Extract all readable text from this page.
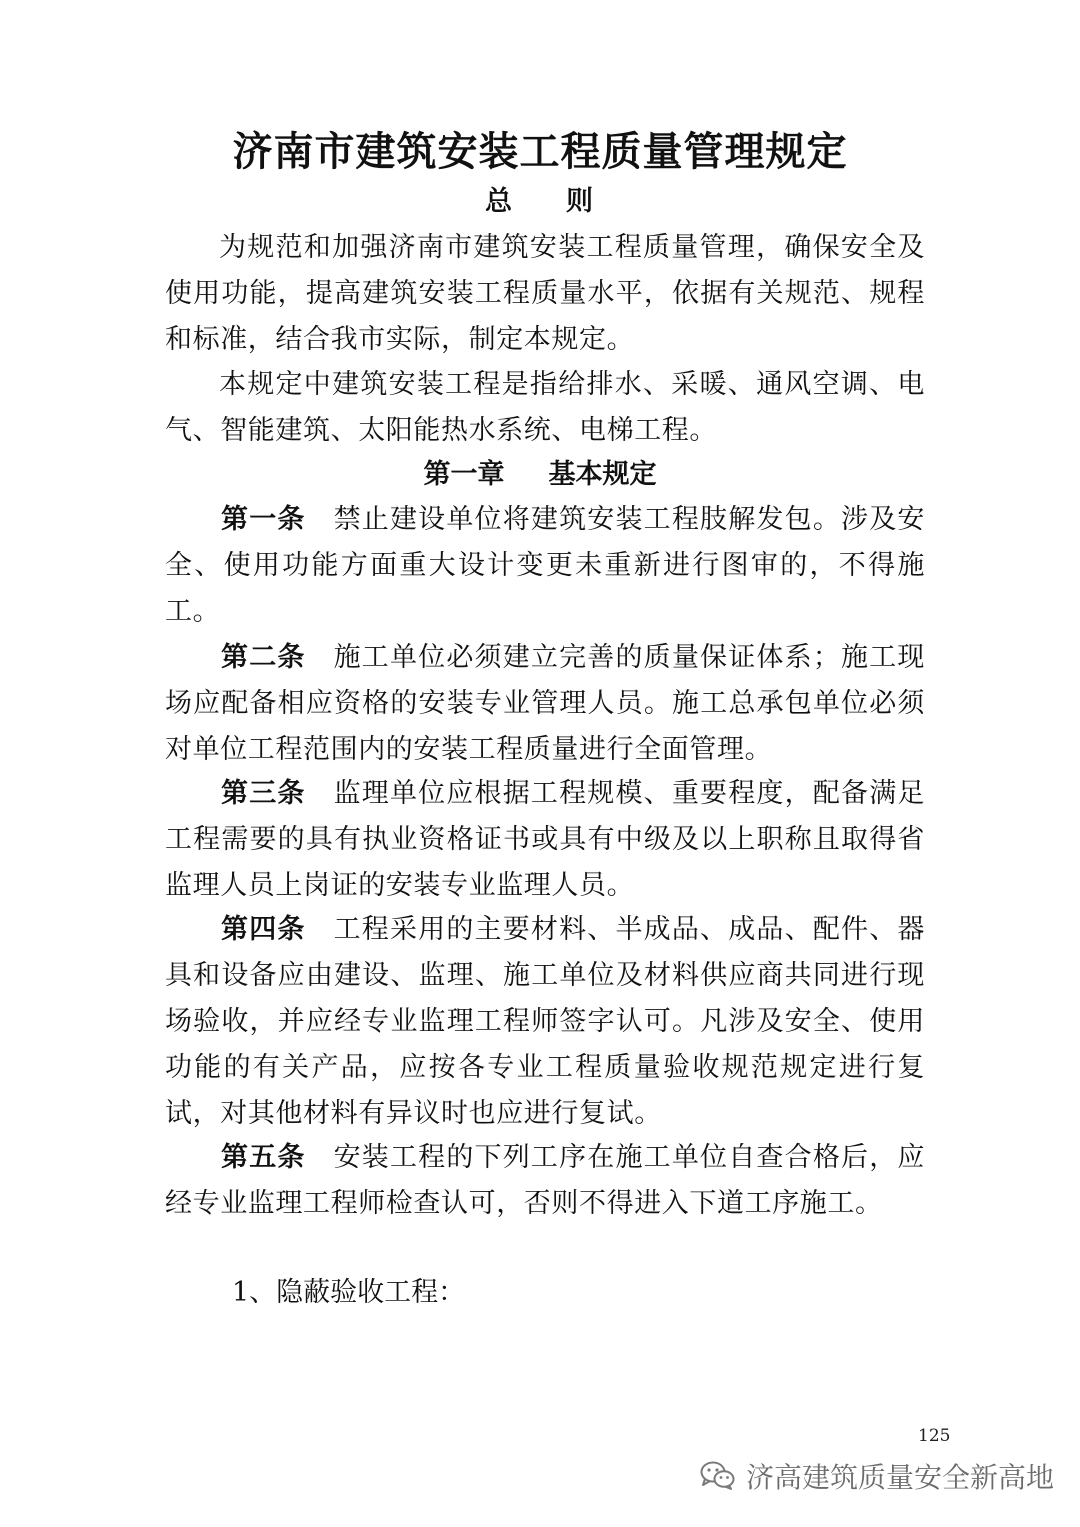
济南市建筑安装工程质量管理规定
总 则

为规范和加强济南市建筑安装工程质量管理，确保安全及使用功能，提高建筑安装工程质量水平，依据有关规范、规程和标准，结合我市实际，制定本规定。

本规定中建筑安装工程是指给排水、采暖、通风空调、电气、智能建筑、太阳能热水系统、电梯工程。

第一章 基本规定

第一条 禁止建设单位将建筑安装工程肢解发包。涉及安全、使用功能方面重大设计变更未重新进行图审的，不得施工。

第二条 施工单位必须建立完善的质量保证体系；施工现场应配备相应资格的安装专业管理人员。施工总承包单位必须对单位工程范围内的安装工程质量进行全面管理。

第三条 监理单位应根据工程规模、重要程度，配备满足工程需要的具有执业资格证书或具有中级及以上职称且取得省监理人员上岗证的安装专业监理人员。

第四条 工程采用的主要材料、半成品、成品、配件、器具和设备应由建设、监理、施工单位及材料供应商共同进行现场验收，并应经专业监理工程师签字认可。凡涉及安全、使用功能的有关产品，应按各专业工程质量验收规范规定进行复试，对其他材料有异议时也应进行复试。

第五条 安装工程的下列工序在施工单位自查合格后，应经专业监理工程师检查认可，否则不得进入下道工序施工。

1、隐蔽验收工程：

125
济高建筑质量安全新高地
